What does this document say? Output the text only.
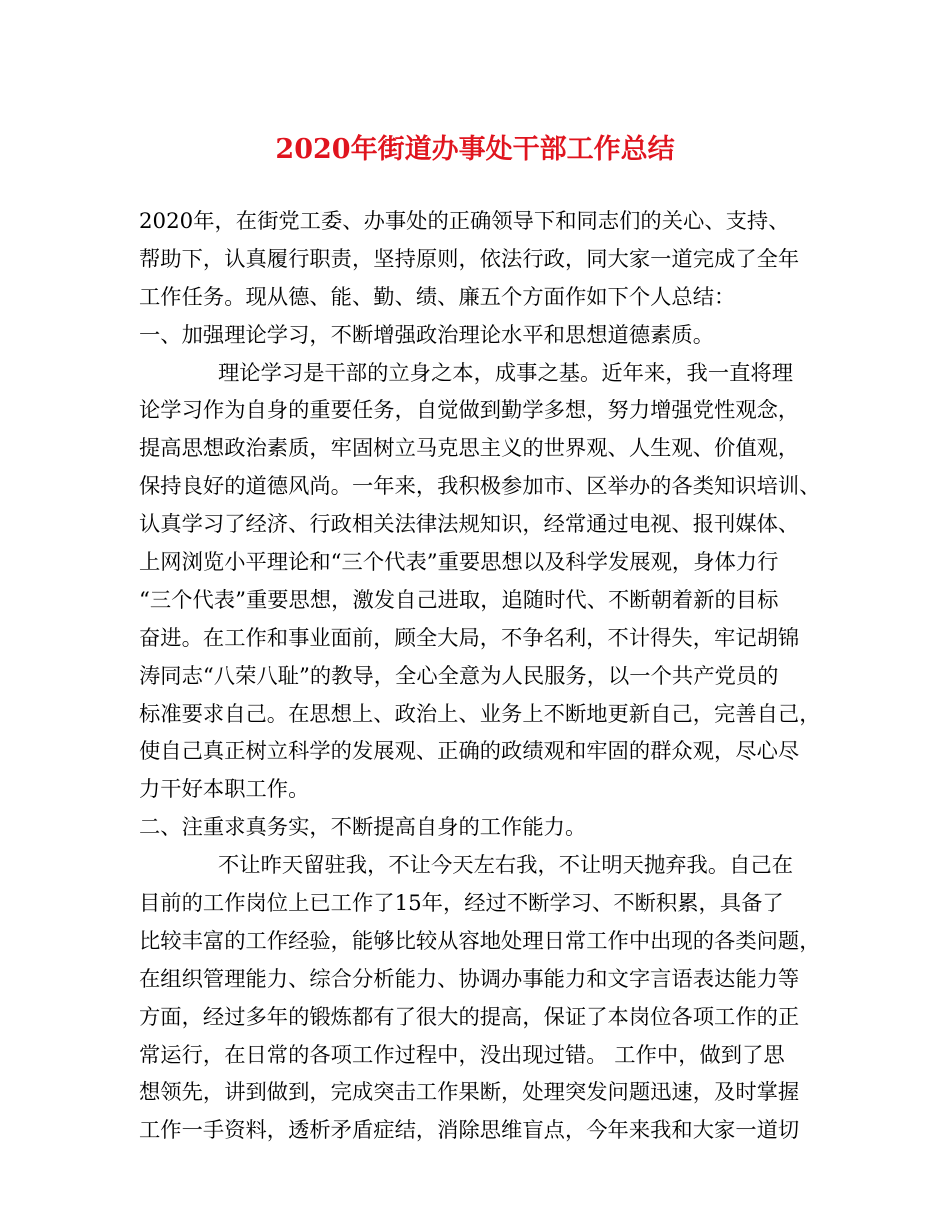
2020年街道办事处干部工作总结
2020年，在街党工委、办事处的正确领导下和同志们的关心、支持、
帮助下，认真履行职责，坚持原则，依法行政，同大家一道完成了全年
工作任务。现从德、能、勤、绩、廉五个方面作如下个人总结：
一、加强理论学习，不断增强政治理论水平和思想道德素质。
理论学习是干部的立身之本，成事之基。近年来，我一直将理
论学习作为自身的重要任务，自觉做到勤学多想，努力增强党性观念，
提高思想政治素质，牢固树立马克思主义的世界观、人生观、价值观，
保持良好的道德风尚。一年来，我积极参加市、区举办的各类知识培训、
认真学习了经济、行政相关法律法规知识，经常通过电视、报刊媒体、
上网浏览小平理论和“三个代表”重要思想以及科学发展观，身体力行
“三个代表”重要思想，激发自己进取，追随时代、不断朝着新的目标
奋进。在工作和事业面前，顾全大局，不争名利，不计得失，牢记胡锦
涛同志“八荣八耻”的教导，全心全意为人民服务，以一个共产党员的
标准要求自己。在思想上、政治上、业务上不断地更新自己，完善自己，
使自己真正树立科学的发展观、正确的政绩观和牢固的群众观，尽心尽
力干好本职工作。
二、注重求真务实，不断提高自身的工作能力。
不让昨天留驻我，不让今天左右我，不让明天抛弃我。自己在
目前的工作岗位上已工作了15年，经过不断学习、不断积累，具备了
比较丰富的工作经验，能够比较从容地处理日常工作中出现的各类问题，
在组织管理能力、综合分析能力、协调办事能力和文字言语表达能力等
方面，经过多年的锻炼都有了很大的提高，保证了本岗位各项工作的正
常运行，在日常的各项工作过程中，没出现过错。 工作中，做到了思
想领先，讲到做到，完成突击工作果断，处理突发问题迅速，及时掌握
工作一手资料，透析矛盾症结，消除思维盲点，今年来我和大家一道切
